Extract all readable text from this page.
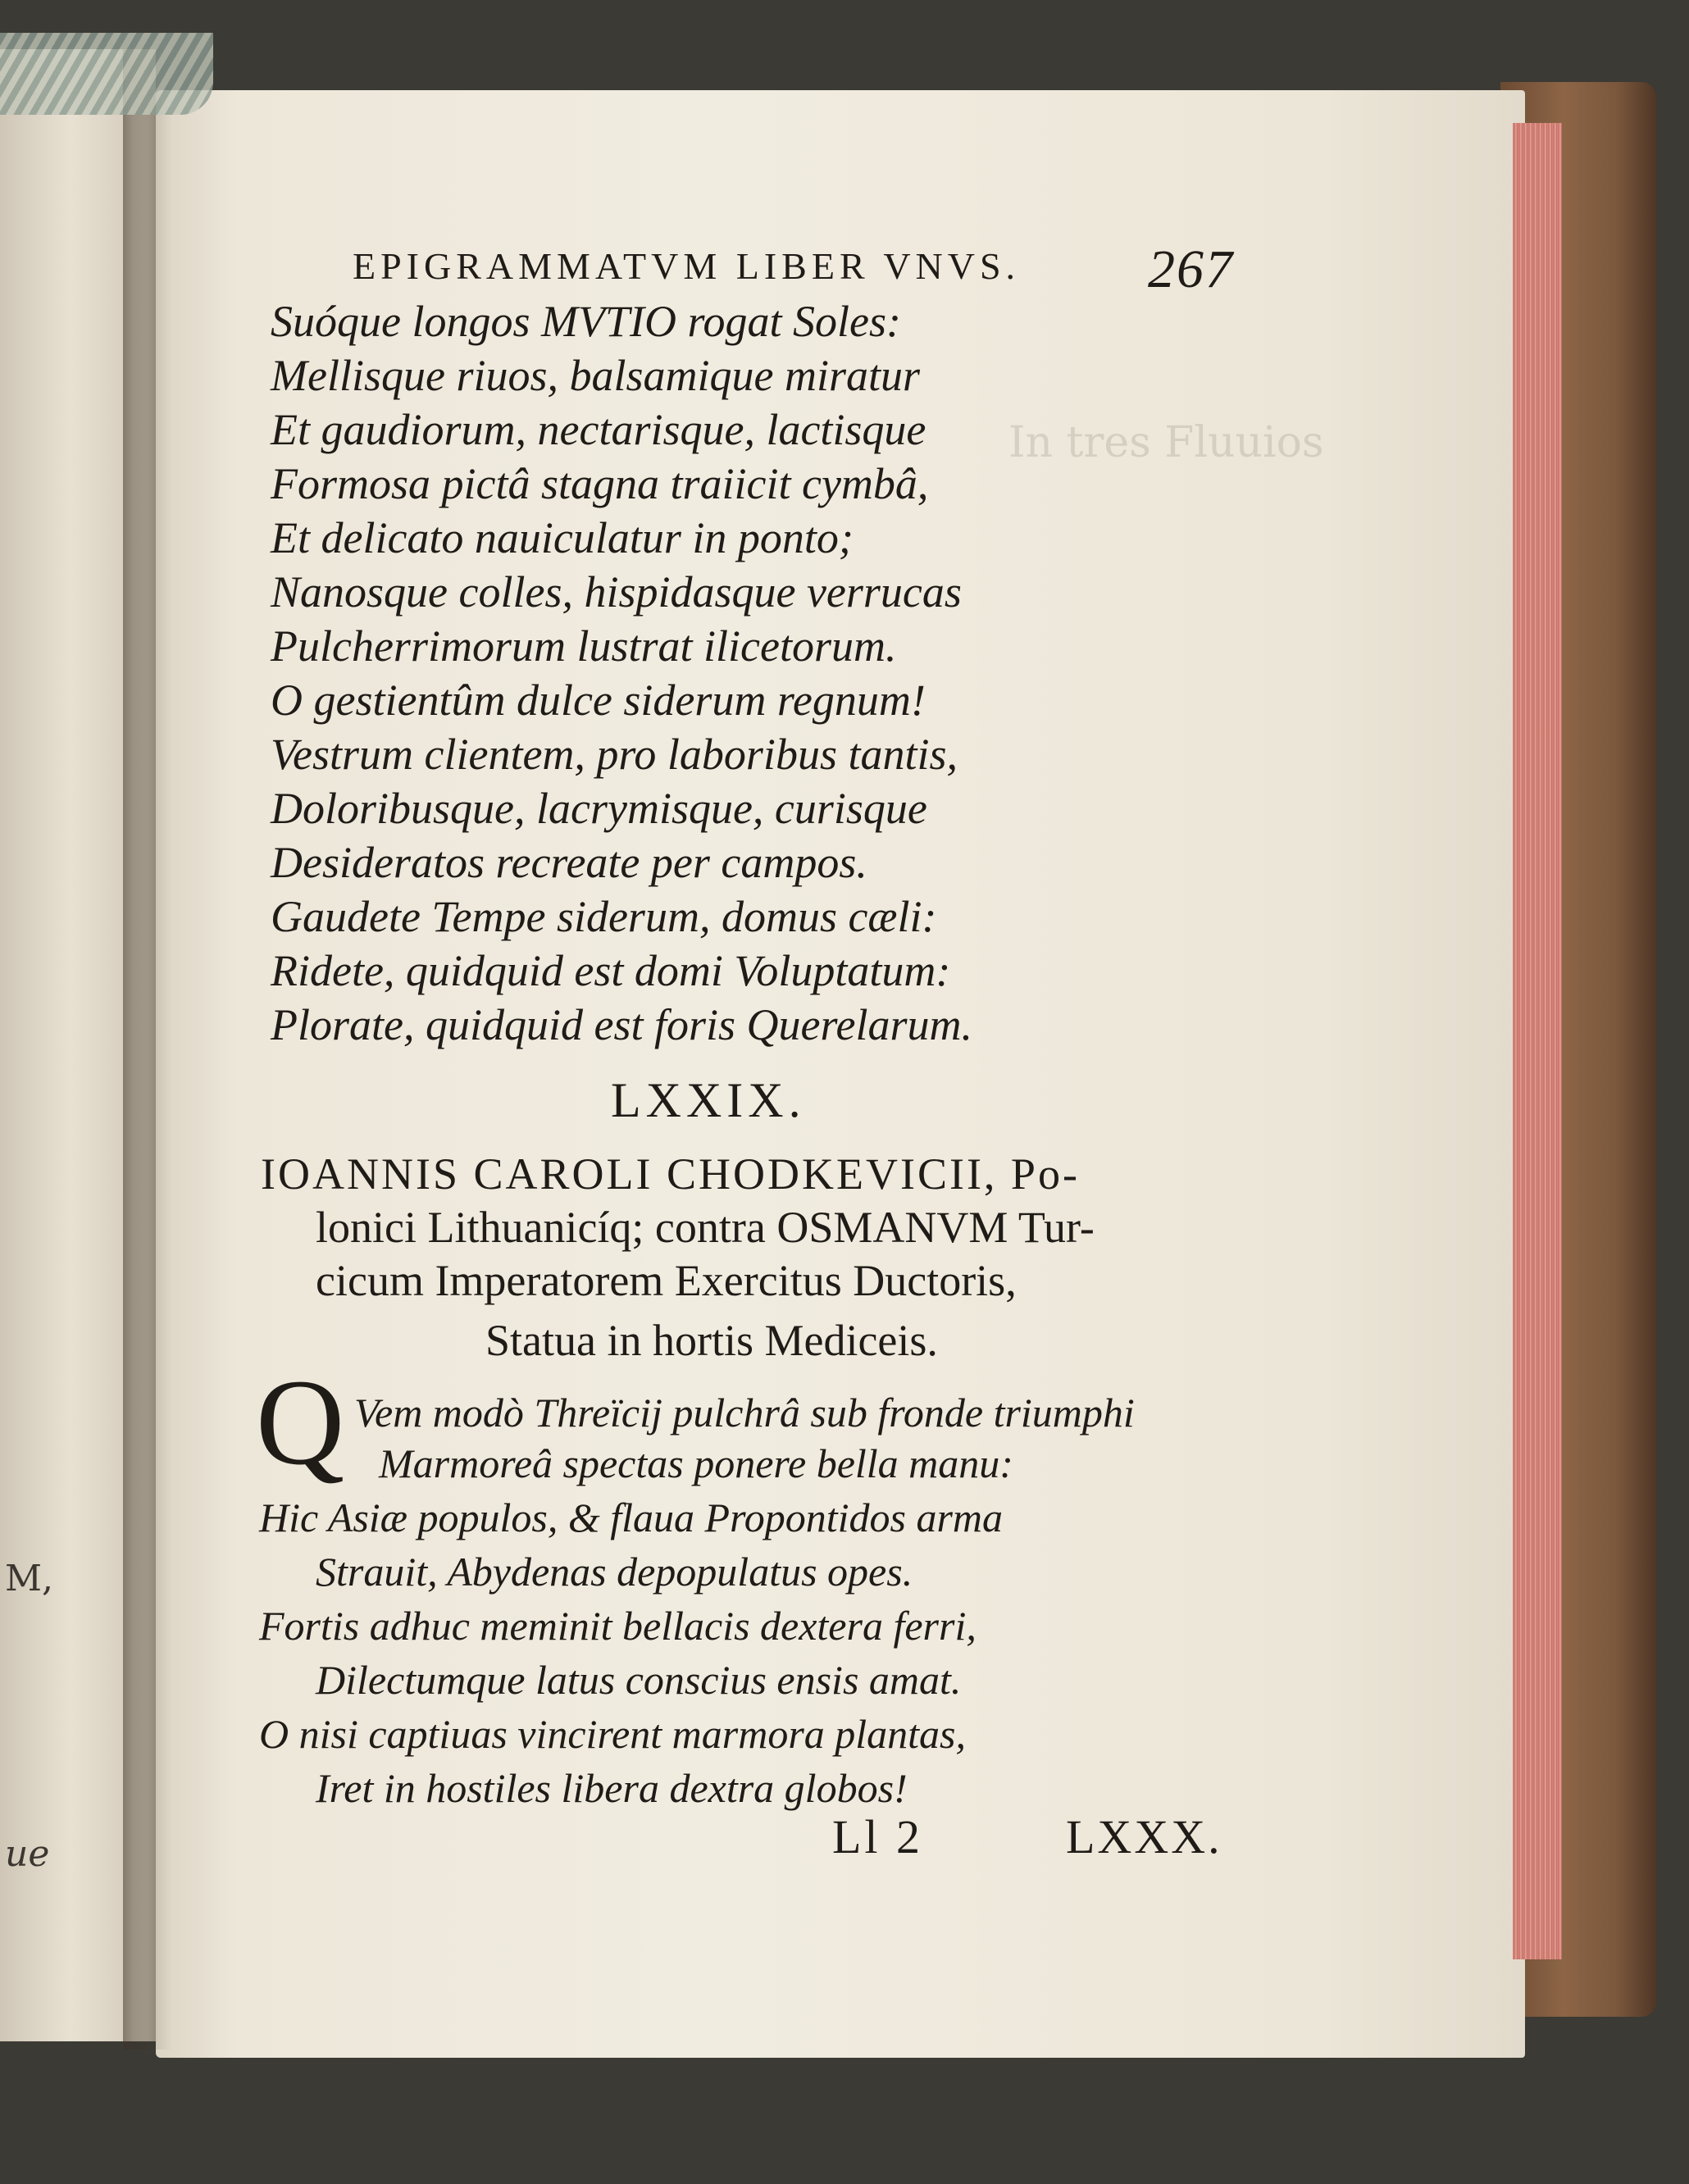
In tres Fluuios
M,
ue
EPIGRAMMATVM LIBER VNVS. 267
Suóque longos MVTIO rogat Soles:
Mellisque riuos, balsamique miratur
Et gaudiorum, nectarisque, lactisque
Formosa pictâ stagna traiicit cymbâ,
Et delicato nauiculatur in ponto;
Nanosque colles, hispidasque verrucas
Pulcherrimorum lustrat ilicetorum.
O gestientûm dulce siderum regnum!
Vestrum clientem, pro laboribus tantis,
Doloribusque, lacrymisque, curisque
Desideratos recreate per campos.
Gaudete Tempe siderum, domus cæli:
Ridete, quidquid est domi Voluptatum:
Plorate, quidquid est foris Querelarum.
LXXIX.
IOANNIS CAROLI CHODKEVICII, Po-
lonici Lithuanicíq; contra OSMANVM Tur-
cicum Imperatorem Exercitus Ductoris,
Statua in hortis Mediceis.
Q Vem modò Threïcij pulchrâ sub fronde triumphi
Marmoreâ spectas ponere bella manu:
Hic Asiæ populos, & flaua Propontidos arma
Strauit, Abydenas depopulatus opes.
Fortis adhuc meminit bellacis dextera ferri,
Dilectumque latus conscius ensis amat.
O nisi captiuas vincirent marmora plantas,
Iret in hostiles libera dextra globos!
Ll 2	LXXX.
